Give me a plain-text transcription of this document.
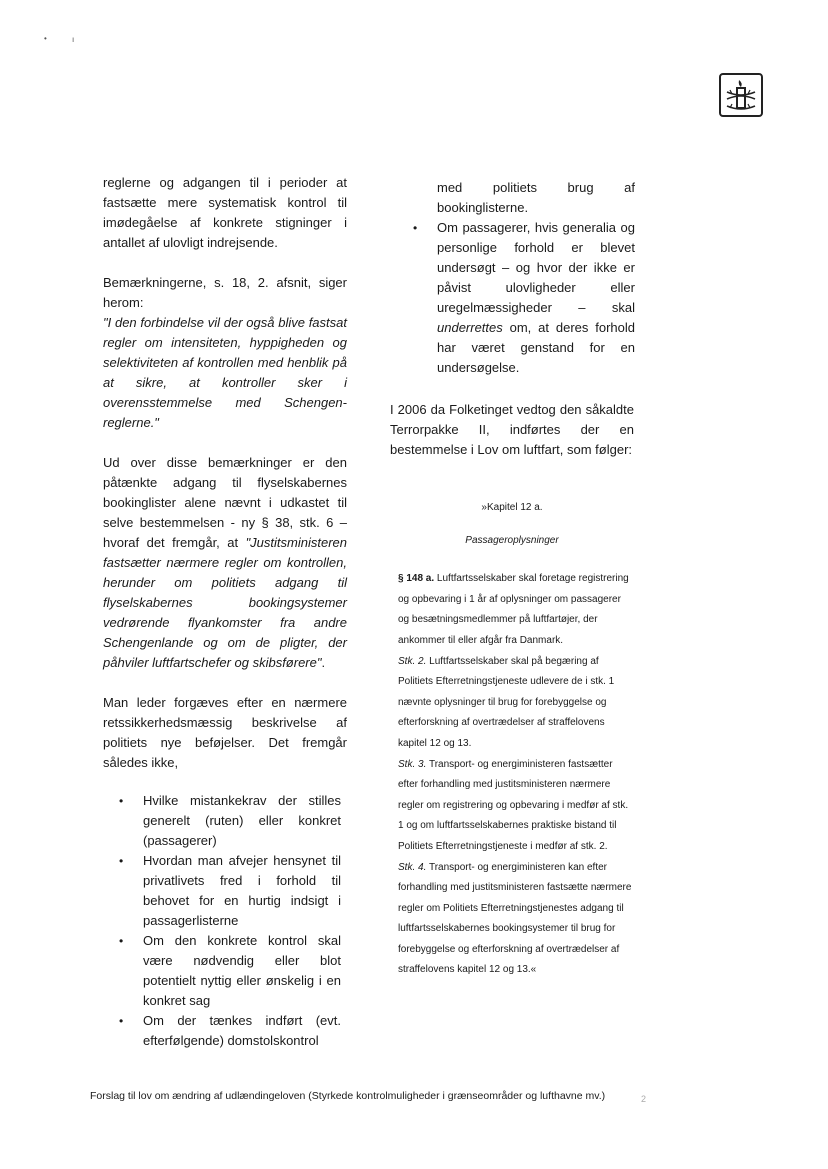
•	ı

reglerne og adgangen til i perioder at fastsætte mere systematisk kontrol til imødegåelse af konkrete stigninger i antallet af ulovligt indrejsende.

Bemærkningerne, s. 18, 2. afsnit, siger herom:
"I den forbindelse vil der også blive fastsat regler om intensiteten, hyppigheden og selektiviteten af kontrollen med henblik på at sikre, at kontroller sker i overensstemmelse med Schengen-reglerne."

Ud over disse bemærkninger er den påtænkte adgang til flyselskabernes bookinglister alene nævnt i udkastet til selve bestemmelsen - ny § 38, stk. 6 – hvoraf det fremgår, at "Justitsministeren fastsætter nærmere regler om kontrollen, herunder om politiets adgang til flyselskabernes bookingsystemer vedrørende flyankomster fra andre Schengenlande og om de pligter, der påhviler luftfartschefer og skibsførere".

Man leder forgæves efter en nærmere retssikkerhedsmæssig beskrivelse af politiets nye beføjelser. Det fremgår således ikke,

• Hvilke mistankekrav der stilles generelt (ruten) eller konkret (passagerer)
• Hvordan man afvejer hensynet til privatlivets fred i forhold til behovet for en hurtig indsigt i passagerlisterne
• Om den konkrete kontrol skal være nødvendig eller blot potentielt nyttig eller ønskelig i en konkret sag
• Om der tænkes indført (evt. efterfølgende) domstolskontrol
med politiets brug af bookinglisterne.
• Om passagerer, hvis generalia og personlige forhold er blevet undersøgt – og hvor der ikke er påvist ulovligheder eller uregelmæssigheder – skal underrettes om, at deres forhold har været genstand for en undersøgelse.

I 2006 da Folketinget vedtog den såkaldte Terrorpakke II, indførtes der en bestemmelse i Lov om luftfart, som følger:

»Kapitel 12 a.
Passageroplysninger

§ 148 a. Luftfartsselskaber skal foretage registrering og opbevaring i 1 år af oplysninger om passagerer og besætningsmedlemmer på luftfartøjer, der ankommer til eller afgår fra Danmark.

Stk. 2. Luftfartsselskaber skal på begæring af Politiets Efterretningstjeneste udlevere de i stk. 1 nævnte oplysninger til brug for forebyggelse og efterforskning af overtrædelser af straffelovens kapitel 12 og 13.

Stk. 3. Transport- og energiministeren fastsætter efter forhandling med justitsministeren nærmere regler om registrering og opbevaring i medfør af stk. 1 og om luftfartsselskabernes praktiske bistand til Politiets Efterretningstjeneste i medfør af stk. 2.

Stk. 4. Transport- og energiministeren kan efter forhandling med justitsministeren fastsætte nærmere regler om Politiets Efterretningstjenestes adgang til luftfartsselskabernes bookingsystemer til brug for forebyggelse og efterforskning af overtrædelser af straffelovens kapitel 12 og 13.«

Forslag til lov om ændring af udlændingeloven (Styrkede kontrolmuligheder i grænseområder og lufthavne mv.)	2
